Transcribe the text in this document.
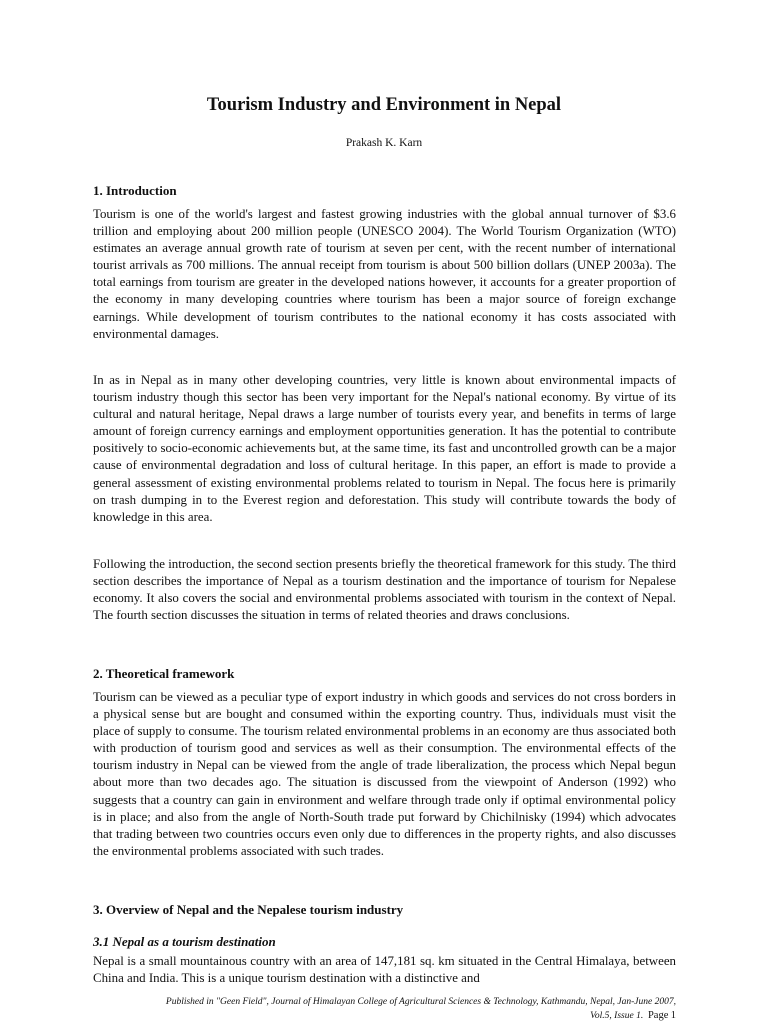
Tourism Industry and Environment in Nepal

Prakash K. Karn

1. Introduction

Tourism is one of the world's largest and fastest growing industries with the global annual turnover of $3.6 trillion and employing about 200 million people (UNESCO 2004). The World Tourism Organization (WTO) estimates an average annual growth rate of tourism at seven per cent, with the recent number of international tourist arrivals as 700 millions. The annual receipt from tourism is about 500 billion dollars (UNEP 2003a). The total earnings from tourism are greater in the developed nations however, it accounts for a greater proportion of the economy in many developing countries where tourism has been a major source of foreign exchange earnings. While development of tourism contributes to the national economy it has costs associated with environmental damages.

In as in Nepal as in many other developing countries, very little is known about environmental impacts of tourism industry though this sector has been very important for the Nepal's national economy. By virtue of its cultural and natural heritage, Nepal draws a large number of tourists every year, and benefits in terms of large amount of foreign currency earnings and employment opportunities generation. It has the potential to contribute positively to socio-economic achievements but, at the same time, its fast and uncontrolled growth can be a major cause of environmental degradation and loss of cultural heritage. In this paper, an effort is made to provide a general assessment of existing environmental problems related to tourism in Nepal. The focus here is primarily on trash dumping in to the Everest region and deforestation. This study will contribute towards the body of knowledge in this area.

Following the introduction, the second section presents briefly the theoretical framework for this study. The third section describes the importance of Nepal as a tourism destination and the importance of tourism for Nepalese economy. It also covers the social and environmental problems associated with tourism in the context of Nepal. The fourth section discusses the situation in terms of related theories and draws conclusions.

2. Theoretical framework

Tourism can be viewed as a peculiar type of export industry in which goods and services do not cross borders in a physical sense but are bought and consumed within the exporting country. Thus, individuals must visit the place of supply to consume. The tourism related environmental problems in an economy are thus associated both with production of tourism good and services as well as their consumption. The environmental effects of the tourism industry in Nepal can be viewed from the angle of trade liberalization, the process which Nepal begun about more than two decades ago. The situation is discussed from the viewpoint of Anderson (1992) who suggests that a country can gain in environment and welfare through trade only if optimal environmental policy is in place; and also from the angle of North-South trade put forward by Chichilnisky (1994) which advocates that trading between two countries occurs even only due to differences in the property rights, and also discusses the environmental problems associated with such trades.

3. Overview of Nepal and the Nepalese tourism industry

3.1 Nepal as a tourism destination

Nepal is a small mountainous country with an area of 147,181 sq. km situated in the Central Himalaya, between China and India. This is a unique tourism destination with a distinctive and

Published in "Geen Field", Journal of Himalayan College of Agricultural Sciences & Technology, Kathmandu, Nepal, Jan-June 2007,
Vol.5, Issue 1. Page 1
